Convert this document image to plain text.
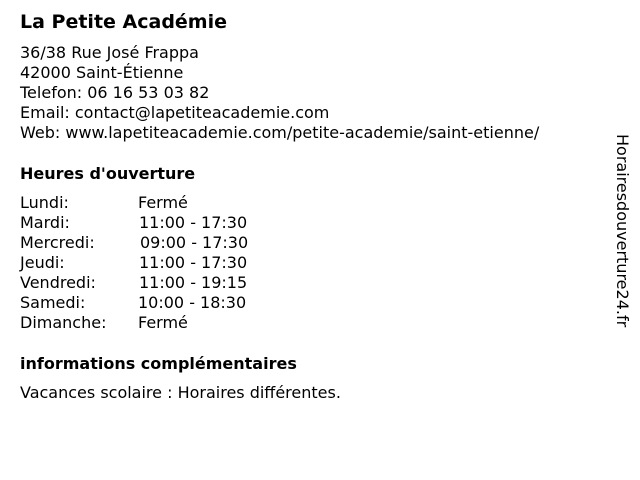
La Petite Académie
36/38 Rue José Frappa
42000 Saint-Étienne
Telefon: 06 16 53 03 82
Email: contact@lapetiteacademie.com
Web: www.lapetiteacademie.com/petite-academie/saint-etienne/
Heures d'ouverture
Lundi:	Fermé
Mardi:	11:00 - 17:30
Mercredi:	09:00 - 17:30
Jeudi:	11:00 - 17:30
Vendredi:	11:00 - 19:15
Samedi:	10:00 - 18:30
Dimanche: Fermé
informations complémentaires
Vacances scolaire : Horaires différentes.
Horairesdouverture24.fr
